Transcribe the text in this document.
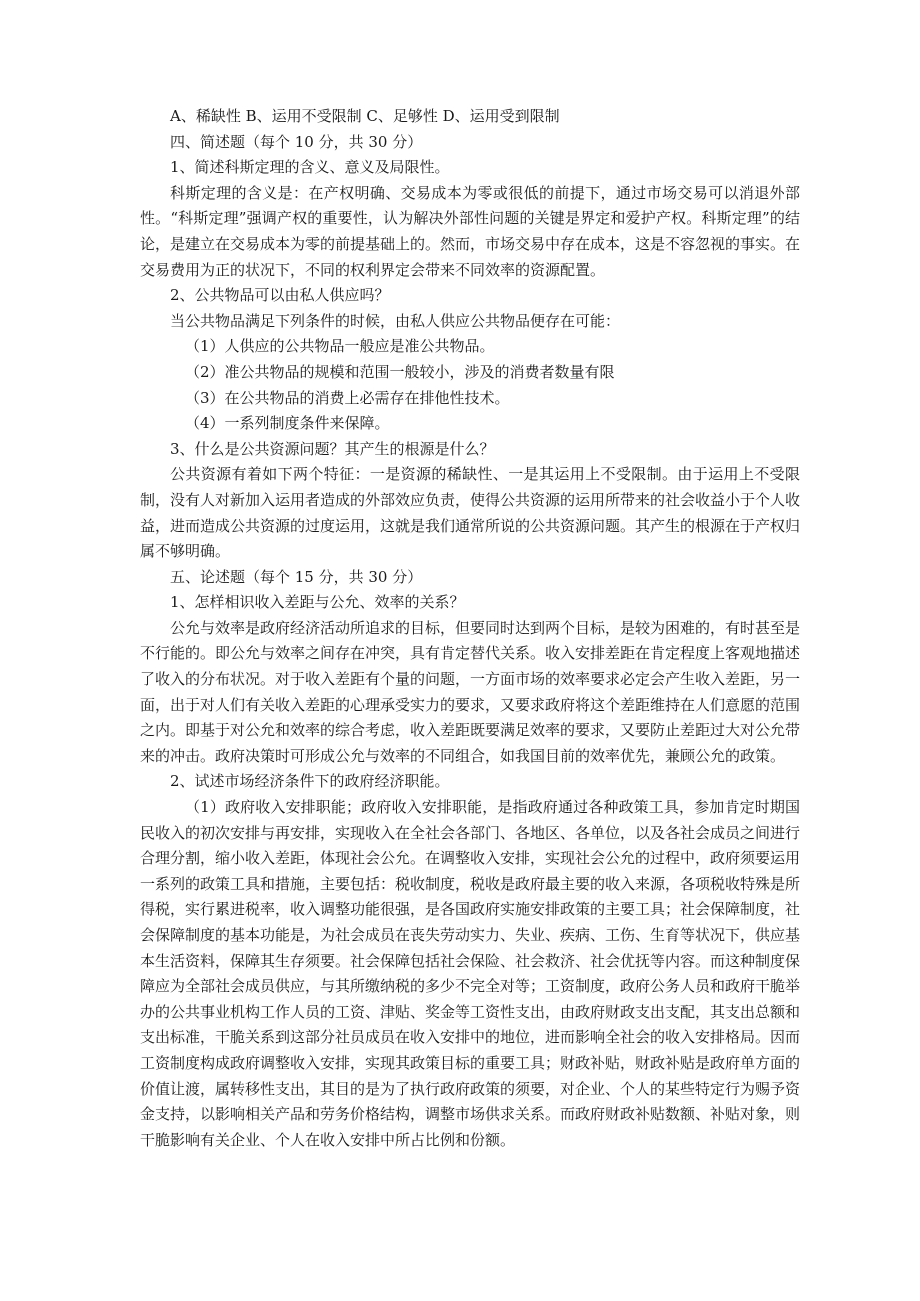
A、稀缺性 B、运用不受限制 C、足够性 D、运用受到限制

四、简述题（每个 10 分，共 30 分）

1、简述科斯定理的含义、意义及局限性。

科斯定理的含义是：在产权明确、交易成本为零或很低的前提下，通过市场交易可以消退外部性。“科斯定理”强调产权的重要性，认为解决外部性问题的关键是界定和爱护产权。科斯定理”的结论，是建立在交易成本为零的前提基础上的。然而，市场交易中存在成本，这是不容忽视的事实。在交易费用为正的状况下，不同的权利界定会带来不同效率的资源配置。

2、公共物品可以由私人供应吗？

当公共物品满足下列条件的时候，由私人供应公共物品便存在可能：

（1）人供应的公共物品一般应是准公共物品。

（2）准公共物品的规模和范围一般较小，涉及的消费者数量有限

（3）在公共物品的消费上必需存在排他性技术。

（4）一系列制度条件来保障。

3、什么是公共资源问题？其产生的根源是什么？

公共资源有着如下两个特征：一是资源的稀缺性、一是其运用上不受限制。由于运用上不受限制，没有人对新加入运用者造成的外部效应负责，使得公共资源的运用所带来的社会收益小于个人收益，进而造成公共资源的过度运用，这就是我们通常所说的公共资源问题。其产生的根源在于产权归属不够明确。

五、论述题（每个 15 分，共 30 分）

1、怎样相识收入差距与公允、效率的关系？

公允与效率是政府经济活动所追求的目标，但要同时达到两个目标，是较为困难的，有时甚至是不行能的。即公允与效率之间存在冲突，具有肯定替代关系。收入安排差距在肯定程度上客观地描述了收入的分布状况。对于收入差距有个量的问题，一方面市场的效率要求必定会产生收入差距，另一面，出于对人们有关收入差距的心理承受实力的要求，又要求政府将这个差距维持在人们意愿的范围之内。即基于对公允和效率的综合考虑，收入差距既要满足效率的要求，又要防止差距过大对公允带来的冲击。政府决策时可形成公允与效率的不同组合，如我国目前的效率优先，兼顾公允的政策。

2、试述市场经济条件下的政府经济职能。

（1）政府收入安排职能；政府收入安排职能，是指政府通过各种政策工具，参加肯定时期国民收入的初次安排与再安排，实现收入在全社会各部门、各地区、各单位，以及各社会成员之间进行合理分割，缩小收入差距，体现社会公允。在调整收入安排，实现社会公允的过程中，政府须要运用一系列的政策工具和措施，主要包括：税收制度，税收是政府最主要的收入来源，各项税收特殊是所得税，实行累进税率，收入调整功能很强，是各国政府实施安排政策的主要工具；社会保障制度，社会保障制度的基本功能是，为社会成员在丧失劳动实力、失业、疾病、工伤、生育等状况下，供应基本生活资料，保障其生存须要。社会保障包括社会保险、社会救济、社会优抚等内容。而这种制度保障应为全部社会成员供应，与其所缴纳税的多少不完全对等；工资制度，政府公务人员和政府干脆举办的公共事业机构工作人员的工资、津贴、奖金等工资性支出，由政府财政支出支配，其支出总额和支出标准，干脆关系到这部分社员成员在收入安排中的地位，进而影响全社会的收入安排格局。因而工资制度构成政府调整收入安排，实现其政策目标的重要工具；财政补贴，财政补贴是政府单方面的价值让渡，属转移性支出，其目的是为了执行政府政策的须要，对企业、个人的某些特定行为赐予资金支持，以影响相关产品和劳务价格结构，调整市场供求关系。而政府财政补贴数额、补贴对象，则干脆影响有关企业、个人在收入安排中所占比例和份额。
